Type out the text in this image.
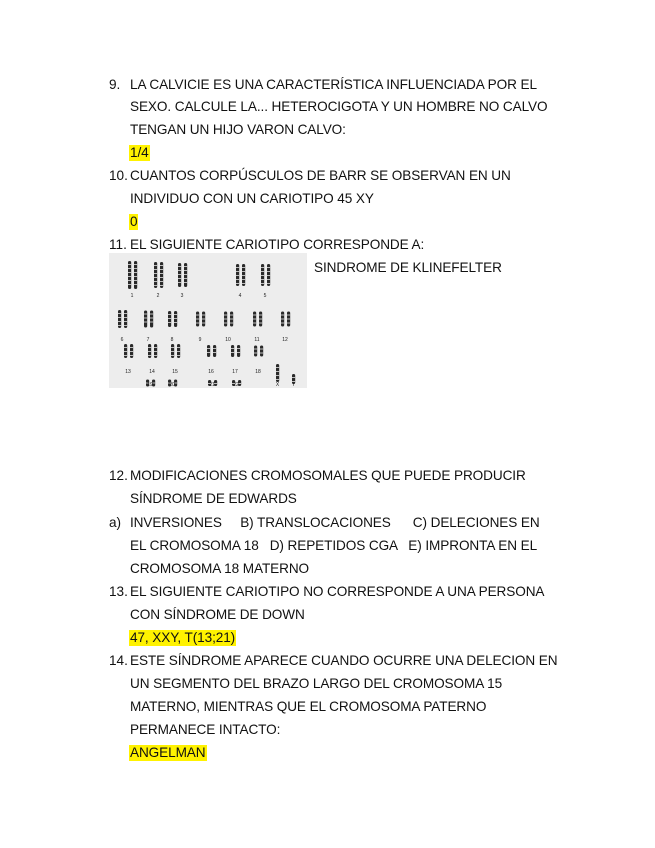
9. LA CALVICIE ES UNA CARACTERÍSTICA INFLUENCIADA POR EL
SEXO. CALCULE LA... HETEROCIGOTA Y UN HOMBRE NO CALVO
TENGAN UN HIJO VARON CALVO:
1/4
10. CUANTOS CORPÚSCULOS DE BARR SE OBSERVAN EN UN
INDIVIDUO CON UN CARIOTIPO 45 XY
0
11. EL SIGUIENTE CARIOTIPO CORRESPONDE A:
SINDROME DE KLINEFELTER
1	2	3	4	5
6	7	8	9	10	11	12
13	14	15	16	17	18
19	20	21	22	X	Y
12. MODIFICACIONES CROMOSOMALES QUE PUEDE PRODUCIR
SÍNDROME DE EDWARDS
a) INVERSIONES     B) TRANSLOCACIONES      C) DELECIONES EN
EL CROMOSOMA 18   D) REPETIDOS CGA   E) IMPRONTA EN EL
CROMOSOMA 18 MATERNO
13. EL SIGUIENTE CARIOTIPO NO CORRESPONDE A UNA PERSONA
CON SÍNDROME DE DOWN
47, XXY, T(13;21)
14. ESTE SÍNDROME APARECE CUANDO OCURRE UNA DELECION EN
UN SEGMENTO DEL BRAZO LARGO DEL CROMOSOMA 15
MATERNO, MIENTRAS QUE EL CROMOSOMA PATERNO
PERMANECE INTACTO:
ANGELMAN
